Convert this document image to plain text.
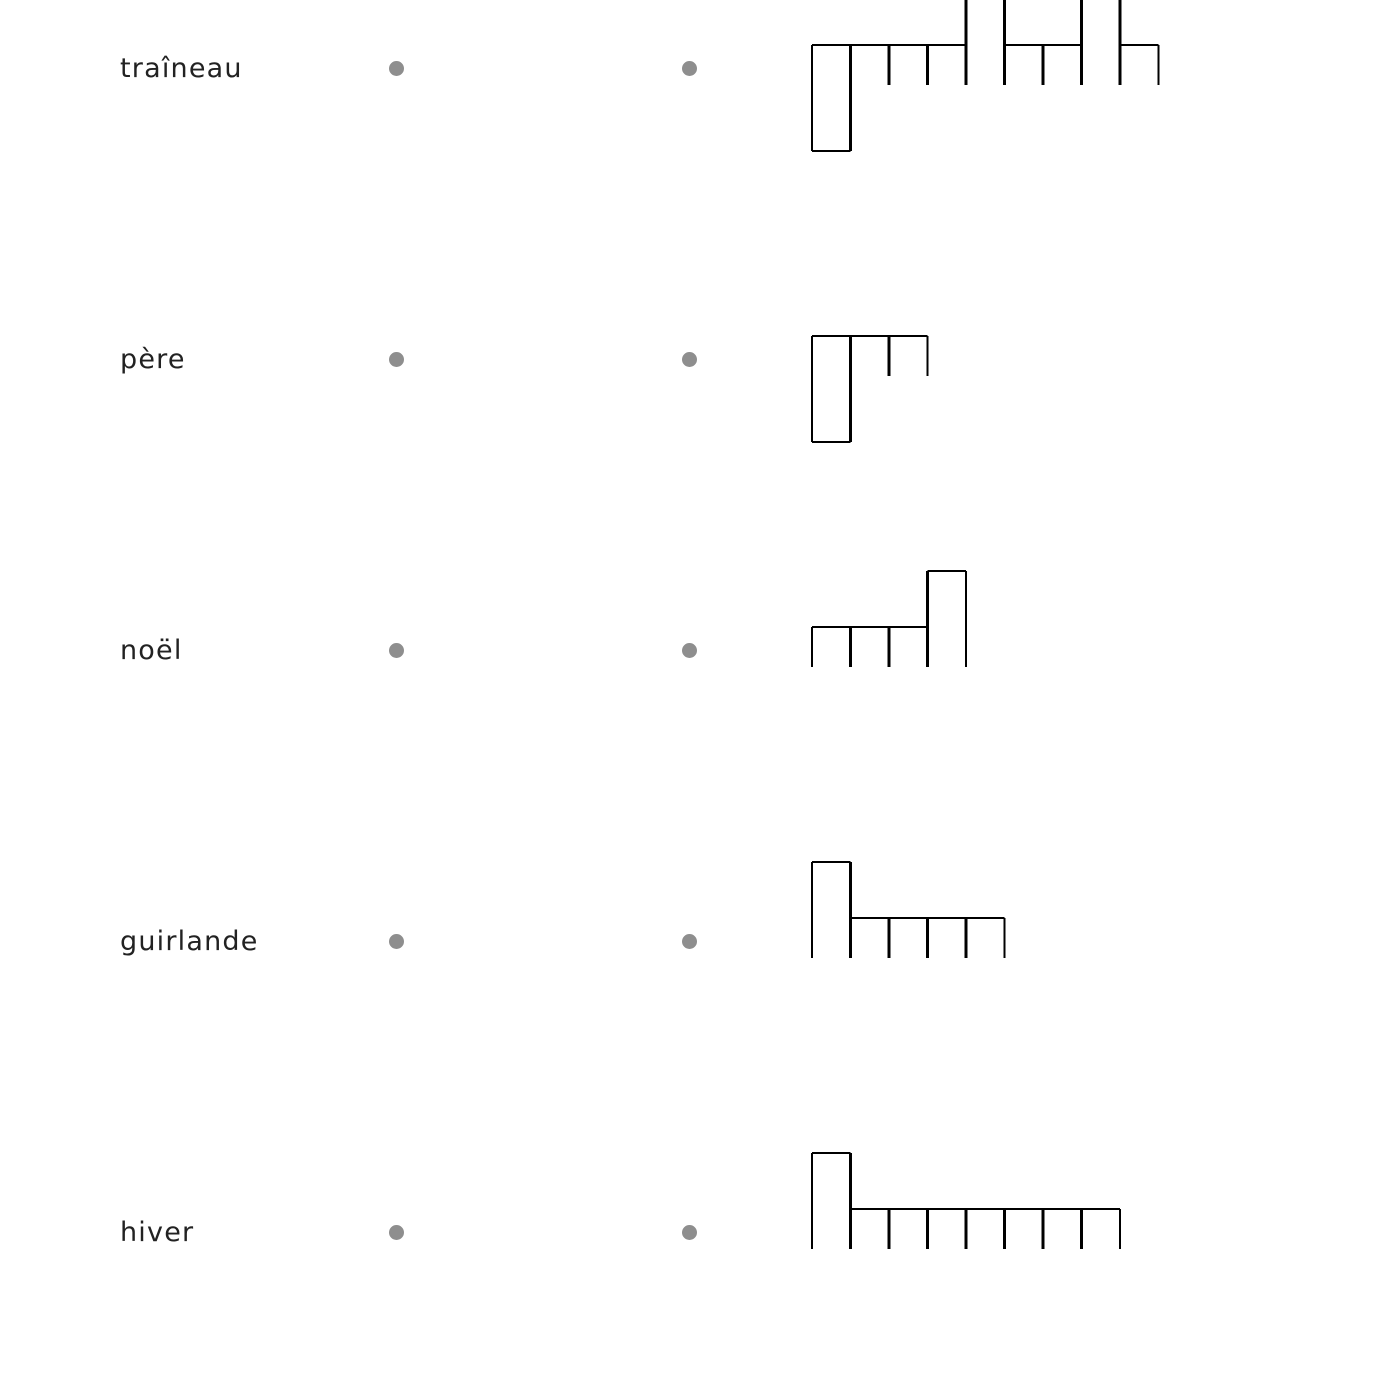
traîneau
père
noël
guirlande
hiver
